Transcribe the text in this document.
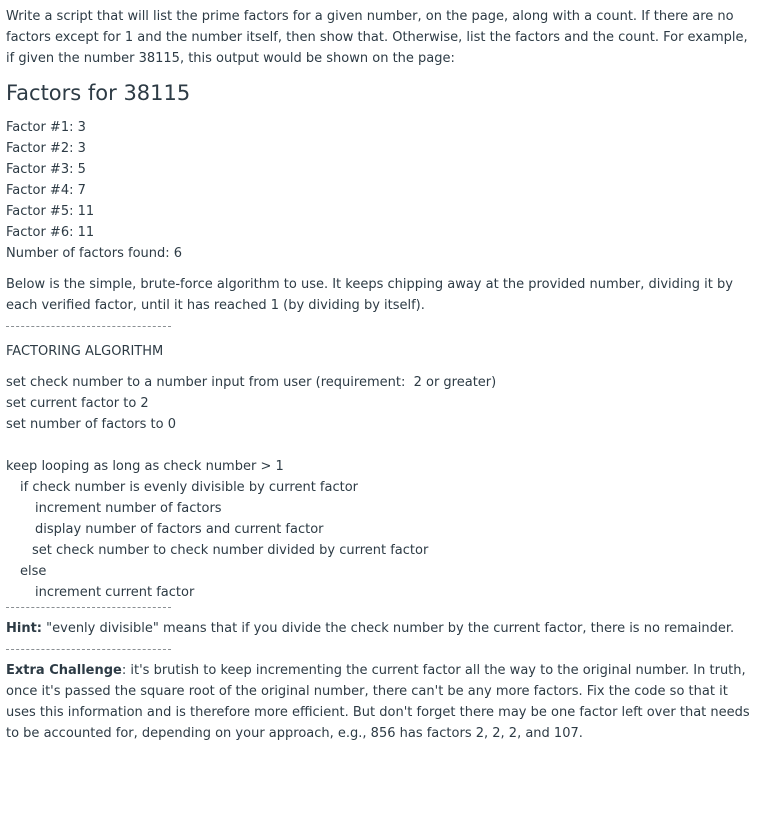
Write a script that will list the prime factors for a given number, on the page, along with a count. If there are no factors except for 1 and the number itself, then show that. Otherwise, list the factors and the count. For example, if given the number 38115, this output would be shown on the page:

Factors for 38115
Factor #1: 3
Factor #2: 3
Factor #3: 5
Factor #4: 7
Factor #5: 11
Factor #6: 11
Number of factors found: 6

Below is the simple, brute-force algorithm to use. It keeps chipping away at the provided number, dividing it by each verified factor, until it has reached 1 (by dividing by itself).

FACTORING ALGORITHM
set check number to a number input from user (requirement:  2 or greater)
set current factor to 2
set number of factors to 0
keep looping as long as check number > 1
if check number is evenly divisible by current factor
increment number of factors
display number of factors and current factor
set check number to check number divided by current factor
else
increment current factor

Hint: "evenly divisible" means that if you divide the check number by the current factor, there is no remainder.

Extra Challenge: it's brutish to keep incrementing the current factor all the way to the original number. In truth, once it's passed the square root of the original number, there can't be any more factors. Fix the code so that it uses this information and is therefore more efficient. But don't forget there may be one factor left over that needs to be accounted for, depending on your approach, e.g., 856 has factors 2, 2, 2, and 107.
